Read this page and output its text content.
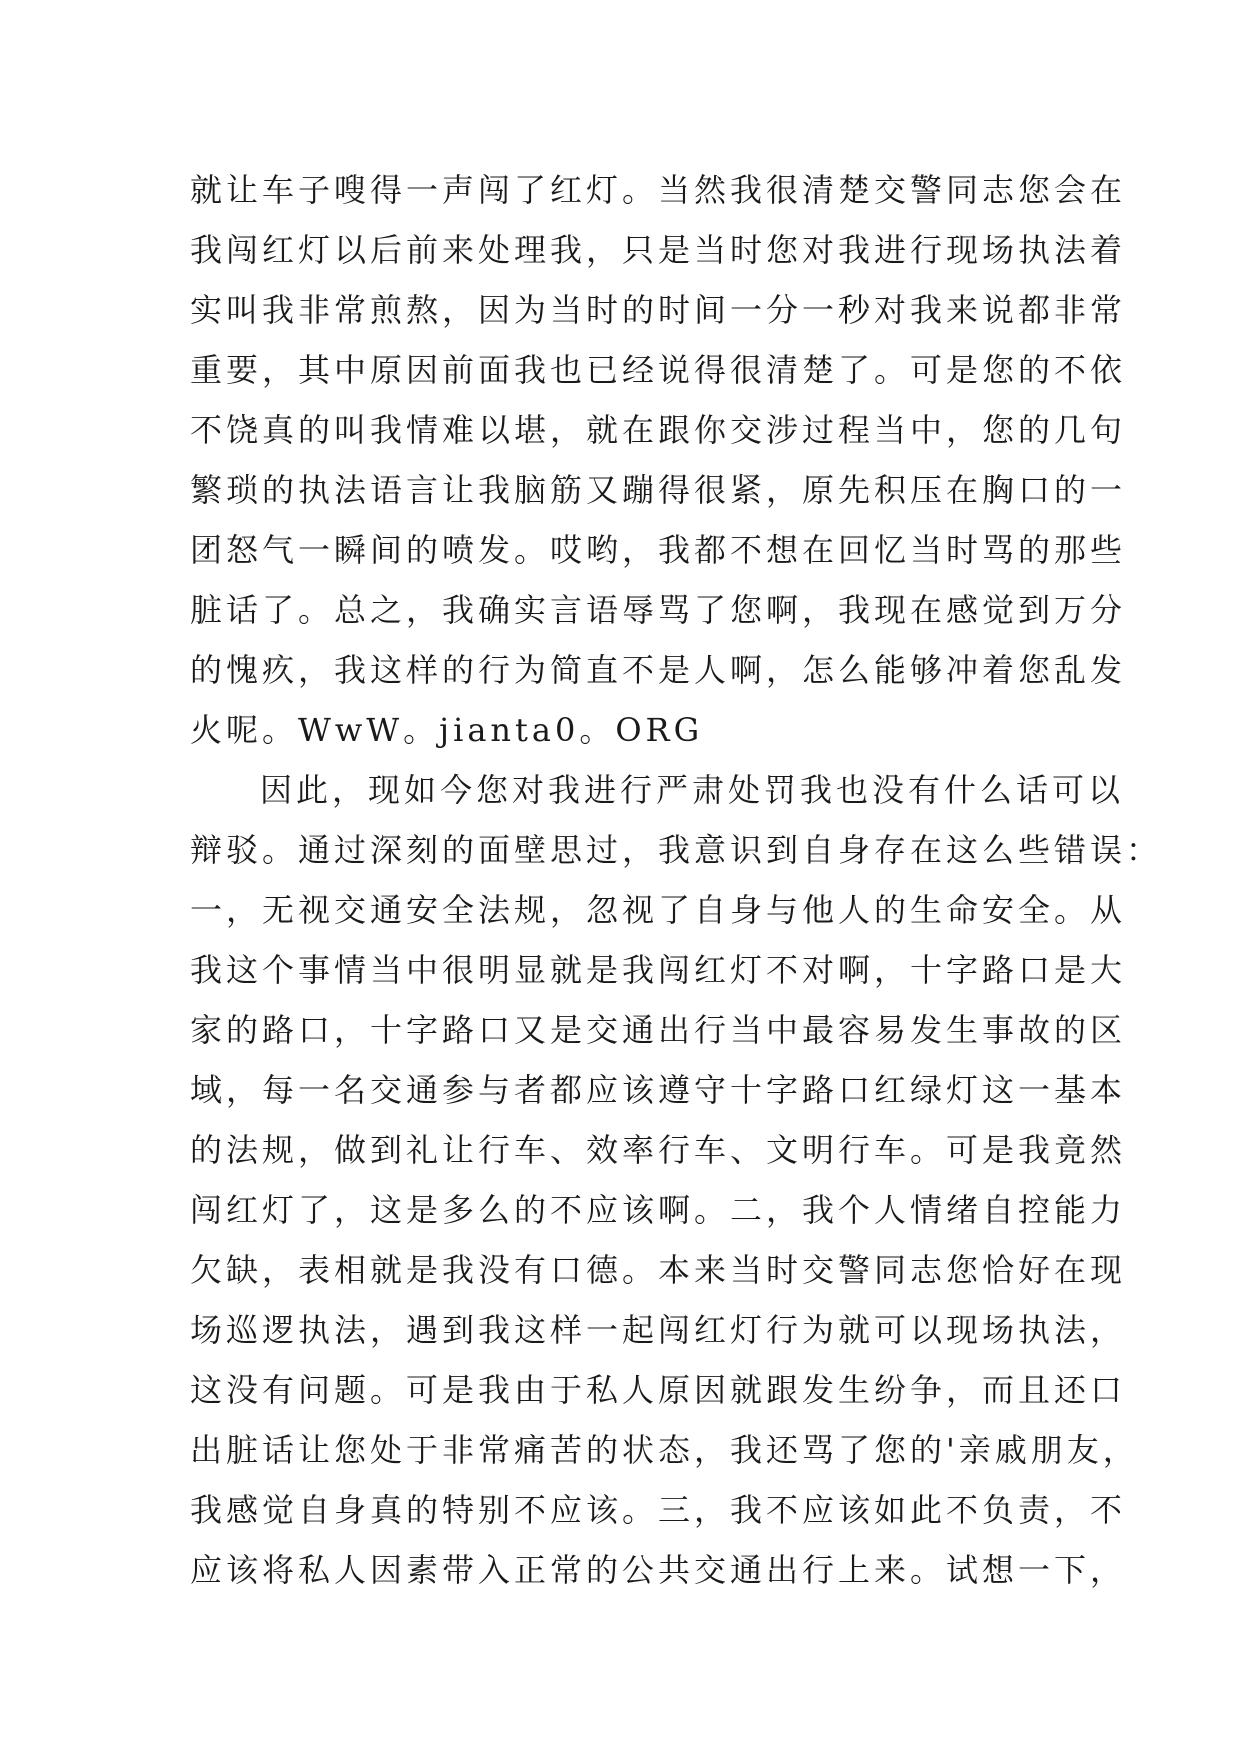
就让车子嗖得一声闯了红灯。当然我很清楚交警同志您会在
我闯红灯以后前来处理我，只是当时您对我进行现场执法着
实叫我非常煎熬，因为当时的时间一分一秒对我来说都非常
重要，其中原因前面我也已经说得很清楚了。可是您的不依
不饶真的叫我情难以堪，就在跟你交涉过程当中，您的几句
繁琐的执法语言让我脑筋又蹦得很紧，原先积压在胸口的一
团怒气一瞬间的喷发。哎哟，我都不想在回忆当时骂的那些
脏话了。总之，我确实言语辱骂了您啊，我现在感觉到万分
的愧疚，我这样的行为简直不是人啊，怎么能够冲着您乱发
火呢。WwW。jianta0。ORG
因此，现如今您对我进行严肃处罚我也没有什么话可以
辩驳。通过深刻的面壁思过，我意识到自身存在这么些错误：
一，无视交通安全法规，忽视了自身与他人的生命安全。从
我这个事情当中很明显就是我闯红灯不对啊，十字路口是大
家的路口，十字路口又是交通出行当中最容易发生事故的区
域，每一名交通参与者都应该遵守十字路口红绿灯这一基本
的法规，做到礼让行车、效率行车、文明行车。可是我竟然
闯红灯了，这是多么的不应该啊。二，我个人情绪自控能力
欠缺，表相就是我没有口德。本来当时交警同志您恰好在现
场巡逻执法，遇到我这样一起闯红灯行为就可以现场执法，
这没有问题。可是我由于私人原因就跟发生纷争，而且还口
出脏话让您处于非常痛苦的状态，我还骂了您的'亲戚朋友，
我感觉自身真的特别不应该。三，我不应该如此不负责，不
应该将私人因素带入正常的公共交通出行上来。试想一下，
